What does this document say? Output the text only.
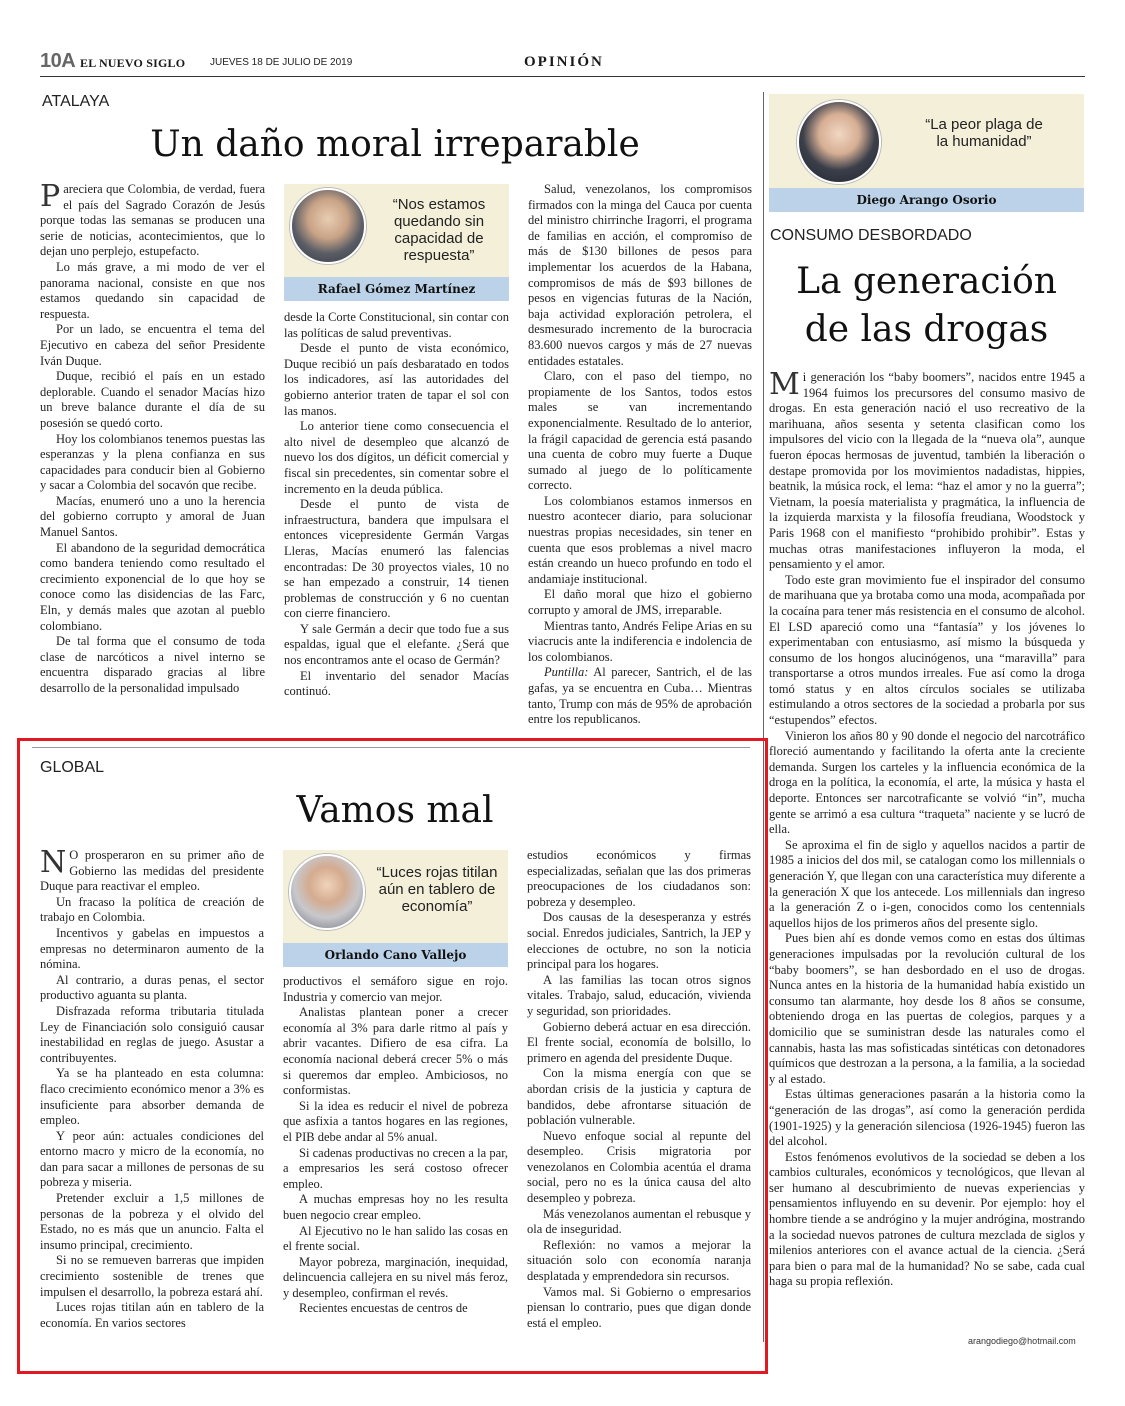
10A EL NUEVO SIGLO JUEVES 18 DE JULIO DE 2019	OPINIÓN
ATALAYA
Un daño moral irreparable

Pareciera que Colombia, de verdad, fuera el país del Sagrado Corazón de Jesús porque todas las semanas se producen una serie de noticias, acontecimientos, que lo dejan uno perplejo, estupefacto.

Lo más grave, a mi modo de ver el panorama nacional, consiste en que nos estamos quedando sin capacidad de respuesta.

Por un lado, se encuentra el tema del Ejecutivo en cabeza del señor Presidente Iván Duque.

Duque, recibió el país en un estado deplorable. Cuando el senador Macías hizo un breve balance durante el día de su posesión se quedó corto.

Hoy los colombianos tenemos puestas las esperanzas y la plena confianza en sus capacidades para conducir bien al Gobierno y sacar a Colombia del socavón que recibe.

Macías, enumeró uno a uno la herencia del gobierno corrupto y amoral de Juan Manuel Santos.

El abandono de la seguridad democrática como bandera teniendo como resultado el crecimiento exponencial de lo que hoy se conoce como las disidencias de las Farc, Eln, y demás males que azotan al pueblo colombiano.

De tal forma que el consumo de toda clase de narcóticos a nivel interno se encuentra disparado gracias al libre desarrollo de la personalidad impulsado

“Nos estamos quedando sin capacidad de respuesta”
Rafael Gómez Martínez

desde la Corte Constitucional, sin contar con las políticas de salud preventivas.

Desde el punto de vista económico, Duque recibió un país desbaratado en todos los indicadores, así las autoridades del gobierno anterior traten de tapar el sol con las manos.

Lo anterior tiene como consecuencia el alto nivel de desempleo que alcanzó de nuevo los dos dígitos, un déficit comercial y fiscal sin precedentes, sin comentar sobre el incremento en la deuda pública.

Desde el punto de vista de infraestructura, bandera que impulsara el entonces vicepresidente Germán Vargas Lleras, Macías enumeró las falencias encontradas: De 30 proyectos viales, 10 no se han empezado a construir, 14 tienen problemas de construcción y 6 no cuentan con cierre financiero.

Y sale Germán a decir que todo fue a sus espaldas, igual que el elefante. ¿Será que nos encontramos ante el ocaso de Germán?

El inventario del senador Macías continuó.

Salud, venezolanos, los compromisos firmados con la minga del Cauca por cuenta del ministro chirrinche Iragorri, el programa de familias en acción, el compromiso de más de $130 billones de pesos para implementar los acuerdos de la Habana, compromisos de más de $93 billones de pesos en vigencias futuras de la Nación, baja actividad exploración petrolera, el desmesurado incremento de la burocracia 83.600 nuevos cargos y más de 27 nuevas entidades estatales.

Claro, con el paso del tiempo, no propiamente de los Santos, todos estos males se van incrementando exponencialmente. Resultado de lo anterior, la frágil capacidad de gerencia está pasando una cuenta de cobro muy fuerte a Duque sumado al juego de lo políticamente correcto.

Los colombianos estamos inmersos en nuestro acontecer diario, para solucionar nuestras propias necesidades, sin tener en cuenta que esos problemas a nivel macro están creando un hueco profundo en todo el andamiaje institucional.

El daño moral que hizo el gobierno corrupto y amoral de JMS, irreparable.

Mientras tanto, Andrés Felipe Arias en su viacrucis ante la indiferencia e indolencia de los colombianos.

Puntilla: Al parecer, Santrich, el de las gafas, ya se encuentra en Cuba… Mientras tanto, Trump con más de 95% de aprobación entre los republicanos.

GLOBAL
Vamos mal

N O prosperaron en su primer año de Gobierno las medidas del presidente Duque para reactivar el empleo.

Un fracaso la política de creación de trabajo en Colombia.

Incentivos y gabelas en impuestos a empresas no determinaron aumento de la nómina.

Al contrario, a duras penas, el sector productivo aguanta su planta.

Disfrazada reforma tributaria titulada Ley de Financiación solo consiguió causar inestabilidad en reglas de juego. Asustar a contribuyentes.

Ya se ha planteado en esta columna: flaco crecimiento económico menor a 3% es insuficiente para absorber demanda de empleo.

Y peor aún: actuales condiciones del entorno macro y micro de la economía, no dan para sacar a millones de personas de su pobreza y miseria.

Pretender excluir a 1,5 millones de personas de la pobreza y el olvido del Estado, no es más que un anuncio. Falta el insumo principal, crecimiento.

Si no se remueven barreras que impiden crecimiento sostenible de trenes que impulsen el desarrollo, la pobreza estará ahí.

Luces rojas titilan aún en tablero de la economía. En varios sectores

“Luces rojas titilan aún en tablero de economía”
Orlando Cano Vallejo

productivos el semáforo sigue en rojo. Industria y comercio van mejor.

Analistas plantean poner a crecer economía al 3% para darle ritmo al país y abrir vacantes. Difiero de esa cifra. La economía nacional deberá crecer 5% o más si queremos dar empleo. Ambiciosos, no conformistas.

Si la idea es reducir el nivel de pobreza que asfixia a tantos hogares en las regiones, el PIB debe andar al 5% anual.

Si cadenas productivas no crecen a la par, a empresarios les será costoso ofrecer empleo.

A muchas empresas hoy no les resulta buen negocio crear empleo.

Al Ejecutivo no le han salido las cosas en el frente social.

Mayor pobreza, marginación, inequidad, delincuencia callejera en su nivel más feroz, y desempleo, confirman el revés.

Recientes encuestas de centros de

estudios económicos y firmas especializadas, señalan que las dos primeras preocupaciones de los ciudadanos son: pobreza y desempleo.

Dos causas de la desesperanza y estrés social. Enredos judiciales, Santrich, la JEP y elecciones de octubre, no son la noticia principal para los hogares.

A las familias las tocan otros signos vitales. Trabajo, salud, educación, vivienda y seguridad, son prioridades.

Gobierno deberá actuar en esa dirección. El frente social, economía de bolsillo, lo primero en agenda del presidente Duque.

Con la misma energía con que se abordan crisis de la justicia y captura de bandidos, debe afrontarse situación de población vulnerable.

Nuevo enfoque social al repunte del desempleo. Crisis migratoria por venezolanos en Colombia acentúa el drama social, pero no es la única causa del alto desempleo y pobreza.

Más venezolanos aumentan el rebusque y ola de inseguridad.

Reflexión: no vamos a mejorar la situación solo con economía naranja desplatada y emprendedora sin recursos.

Vamos mal. Si Gobierno o empresarios piensan lo contrario, pues que digan donde está el empleo.

“La peor plaga de la humanidad”
Diego Arango Osorio
CONSUMO DESBORDADO
La generación
de las drogas

Mi generación los “baby boomers”, nacidos entre 1945 a 1964 fuimos los precursores del consumo masivo de drogas. En esta generación nació el uso recreativo de la marihuana, años sesenta y setenta clasifican como los impulsores del vicio con la llegada de la “nueva ola”, aunque fueron épocas hermosas de juventud, también la liberación o destape promovida por los movimientos nadadistas, hippies, beatnik, la música rock, el lema: “haz el amor y no la guerra”; Vietnam, la poesía materialista y pragmática, la influencia de la izquierda marxista y la filosofía freudiana, Woodstock y Paris 1968 con el manifiesto “prohibido prohibir”. Estas y muchas otras manifestaciones influyeron la moda, el pensamiento y el amor.

Todo este gran movimiento fue el inspirador del consumo de marihuana que ya brotaba como una moda, acompañada por la cocaína para tener más resistencia en el consumo de alcohol. El LSD apareció como una “fantasía” y los jóvenes lo experimentaban con entusiasmo, así mismo la búsqueda y consumo de los hongos alucinógenos, una “maravilla” para transportarse a otros mundos irreales. Fue así como la droga tomó status y en altos círculos sociales se utilizaba estimulando a otros sectores de la sociedad a probarla por sus “estupendos” efectos.

Vinieron los años 80 y 90 donde el negocio del narcotráfico floreció aumentando y facilitando la oferta ante la creciente demanda. Surgen los carteles y la influencia económica de la droga en la política, la economía, el arte, la música y hasta el deporte. Entonces ser narcotraficante se volvió “in”, mucha gente se arrimó a esa cultura “traqueta” naciente y se lucró de ella.

Se aproxima el fin de siglo y aquellos nacidos a partir de 1985 a inicios del dos mil, se catalogan como los millennials o generación Y, que llegan con una característica muy diferente a la generación X que los antecede. Los millennials dan ingreso a la generación Z o i-gen, conocidos como los centennials aquellos hijos de los primeros años del presente siglo.

Pues bien ahí es donde vemos como en estas dos últimas generaciones impulsadas por la revolución cultural de los “baby boomers”, se han desbordado en el uso de drogas. Nunca antes en la historia de la humanidad había existido un consumo tan alarmante, hoy desde los 8 años se consume, obteniendo droga en las puertas de colegios, parques y a domicilio que se suministran desde las naturales como el cannabis, hasta las mas sofisticadas sintéticas con detonadores químicos que destrozan a la persona, a la familia, a la sociedad y al estado.

Estas últimas generaciones pasarán a la historia como la “generación de las drogas”, así como la generación perdida (1901-1925) y la generación silenciosa (1926-1945) fueron las del alcohol.

Estos fenómenos evolutivos de la sociedad se deben a los cambios culturales, económicos y tecnológicos, que llevan al ser humano al descubrimiento de nuevas experiencias y pensamientos influyendo en su devenir. Por ejemplo: hoy el hombre tiende a se andrógino y la mujer andrógina, mostrando a la sociedad nuevos patrones de cultura mezclada de siglos y milenios anteriores con el avance actual de la ciencia. ¿Será para bien o para mal de la humanidad? No se sabe, cada cual haga su propia reflexión.

arangodiego@hotmail.com
